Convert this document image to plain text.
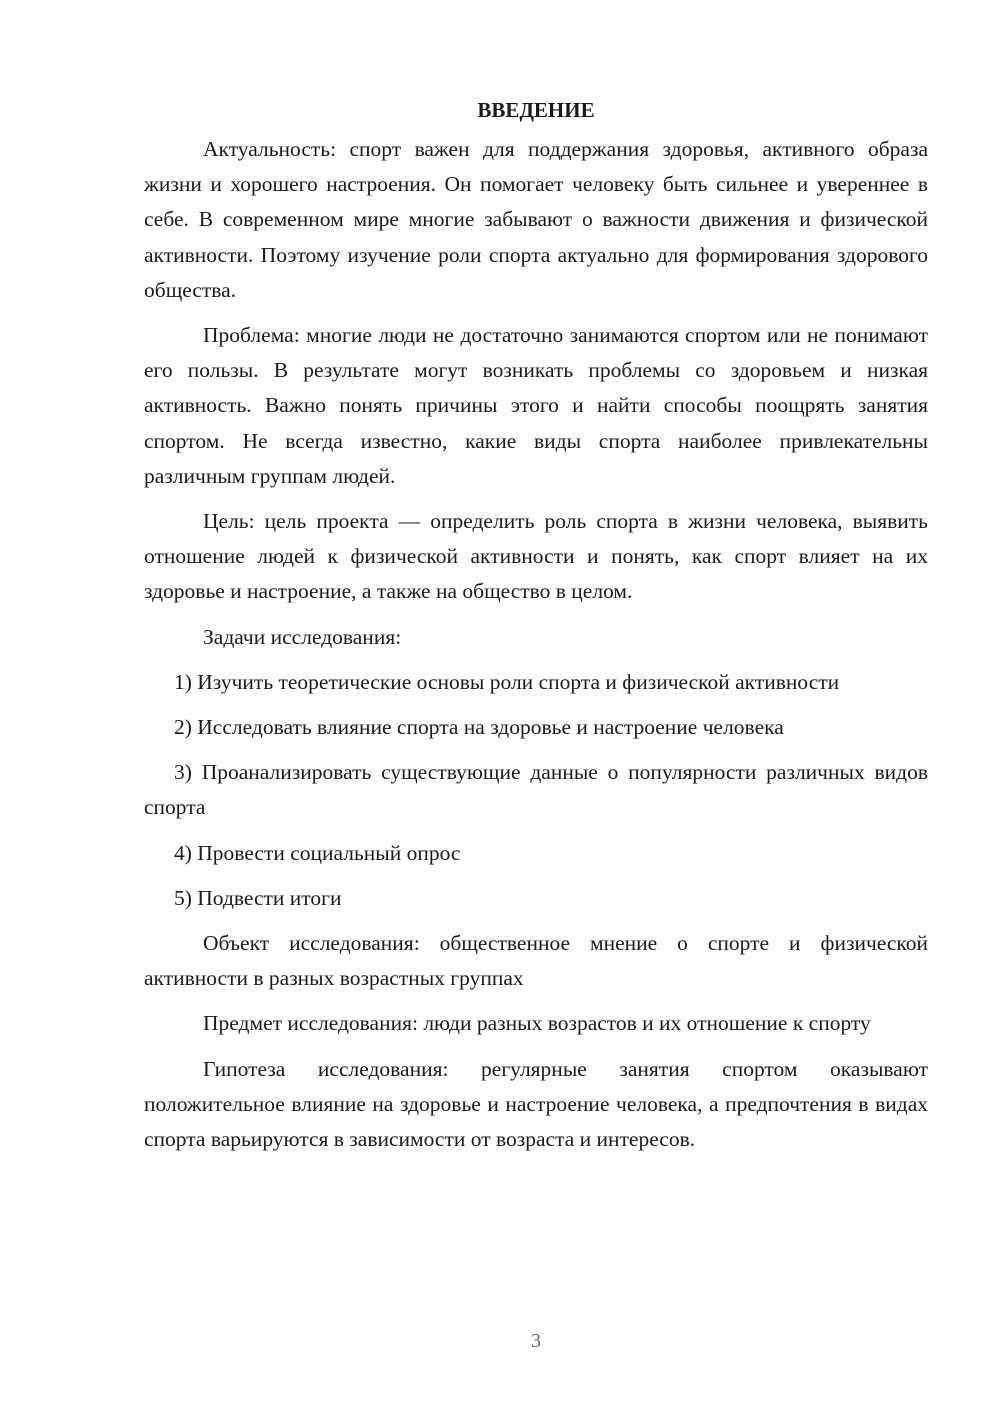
ВВЕДЕНИЕ

Актуальность: спорт важен для поддержания здоровья, активного образа жизни и хорошего настроения. Он помогает человеку быть сильнее и увереннее в себе. В современном мире многие забывают о важности движения и физической активности. Поэтому изучение роли спорта актуально для формирования здорового общества.

Проблема: многие люди не достаточно занимаются спортом или не понимают его пользы. В результате могут возникать проблемы со здоровьем и низкая активность. Важно понять причины этого и найти способы поощрять занятия спортом. Не всегда известно, какие виды спорта наиболее привлекательны различным группам людей.

Цель: цель проекта — определить роль спорта в жизни человека, выявить отношение людей к физической активности и понять, как спорт влияет на их здоровье и настроение, а также на общество в целом.

Задачи исследования:

1) Изучить теоретические основы роли спорта и физической активности

2) Исследовать влияние спорта на здоровье и настроение человека

3) Проанализировать существующие данные о популярности различных видов спорта

4) Провести социальный опрос

5) Подвести итоги

Объект исследования: общественное мнение о спорте и физической активности в разных возрастных группах

Предмет исследования: люди разных возрастов и их отношение к спорту

Гипотеза исследования: регулярные занятия спортом оказывают положительное влияние на здоровье и настроение человека, а предпочтения в видах спорта варьируются в зависимости от возраста и интересов.

3
